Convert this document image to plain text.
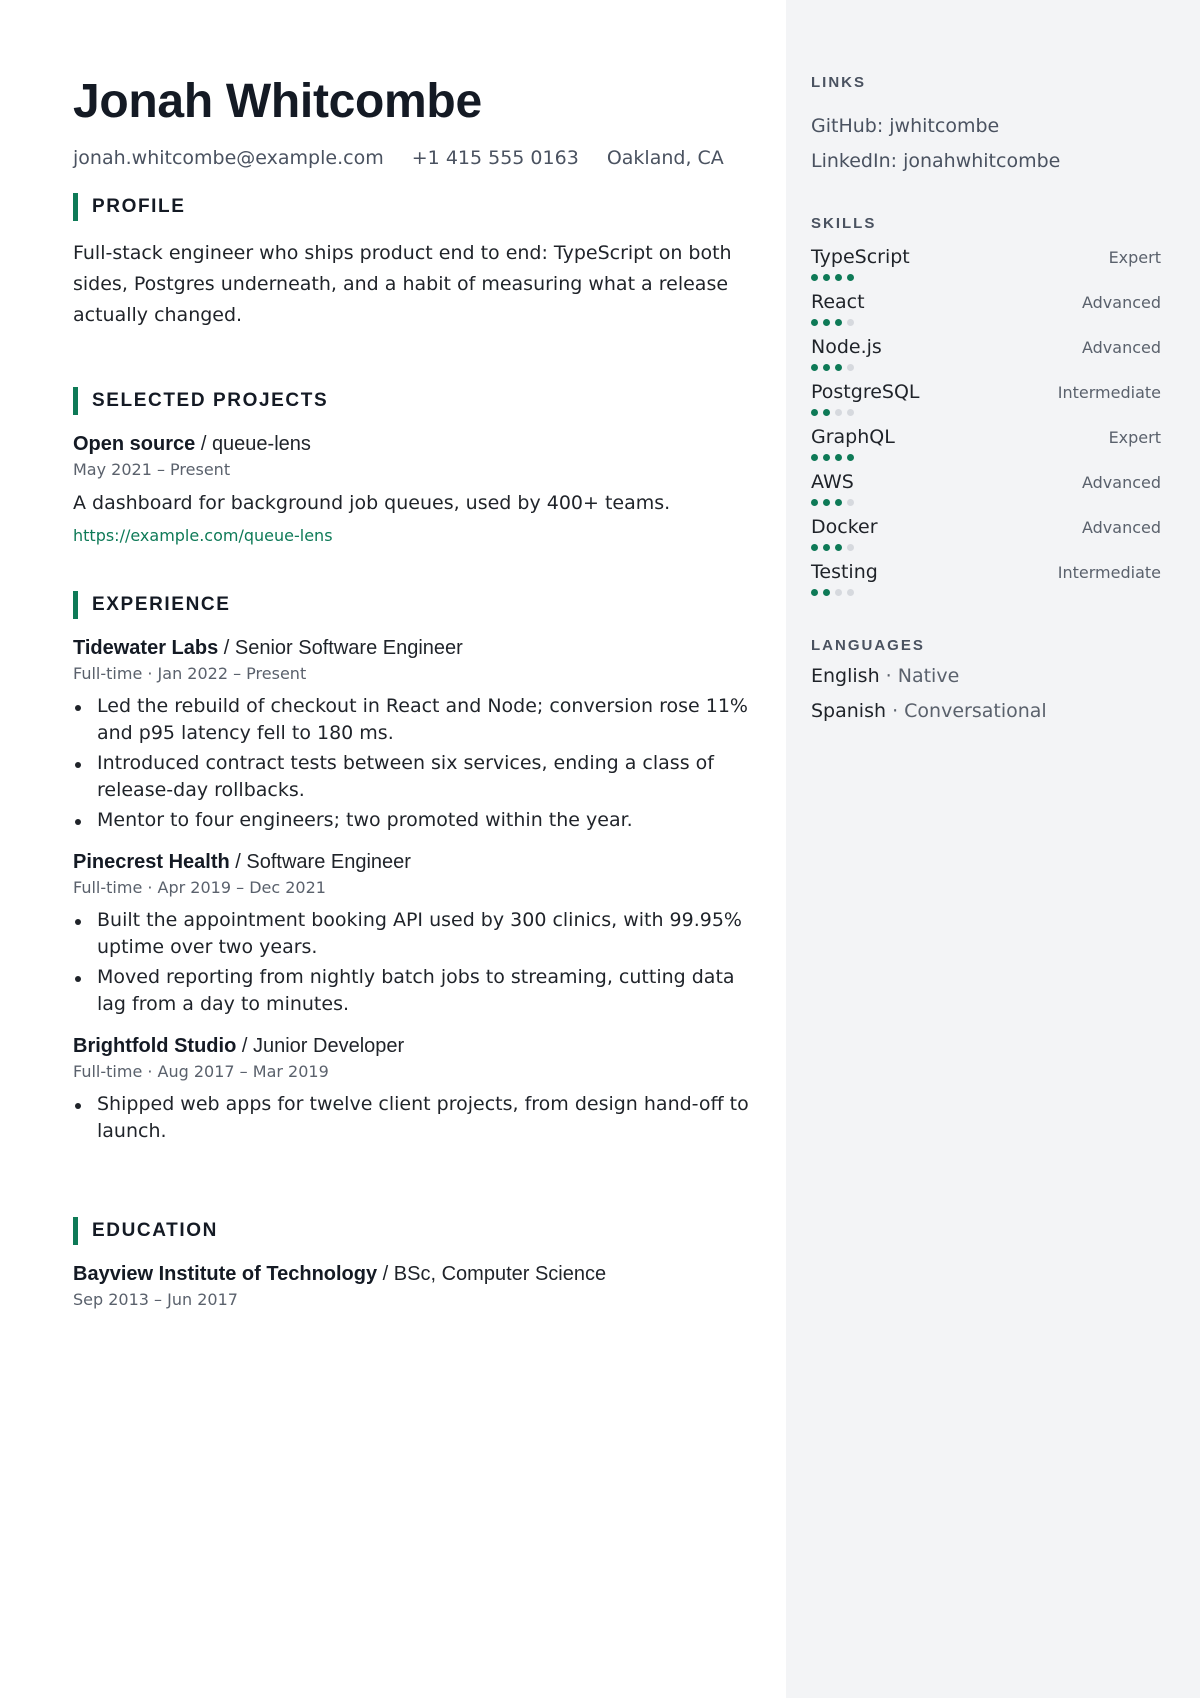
Jonah Whitcombe
jonah.whitcombe@example.com +1 415 555 0163 Oakland, CA
PROFILE

Full-stack engineer who ships product end to end: TypeScript on both sides, Postgres underneath, and a habit of measuring what a release actually changed.

SELECTED PROJECTS
Open source / queue-lens
May 2021 – Present
A dashboard for background job queues, used by 400+ teams.
https://example.com/queue-lens
EXPERIENCE
Tidewater Labs / Senior Software Engineer
Full-time · Jan 2022 – Present
Led the rebuild of checkout in React and Node; conversion rose 11% and p95 latency fell to 180 ms.
Introduced contract tests between six services, ending a class of release-day rollbacks.
Mentor to four engineers; two promoted within the year.
Pinecrest Health / Software Engineer
Full-time · Apr 2019 – Dec 2021
Built the appointment booking API used by 300 clinics, with 99.95% uptime over two years.
Moved reporting from nightly batch jobs to streaming, cutting data lag from a day to minutes.
Brightfold Studio / Junior Developer
Full-time · Aug 2017 – Mar 2019
Shipped web apps for twelve client projects, from design hand-off to launch.
EDUCATION
Bayview Institute of Technology / BSc, Computer Science
Sep 2013 – Jun 2017
LINKS
GitHub: jwhitcombe
LinkedIn: jonahwhitcombe
SKILLS
TypeScript	Expert
React	Advanced
Node.js	Advanced
PostgreSQL	Intermediate
GraphQL	Expert
AWS	Advanced
Docker	Advanced
Testing	Intermediate
LANGUAGES
English · Native
Spanish · Conversational
